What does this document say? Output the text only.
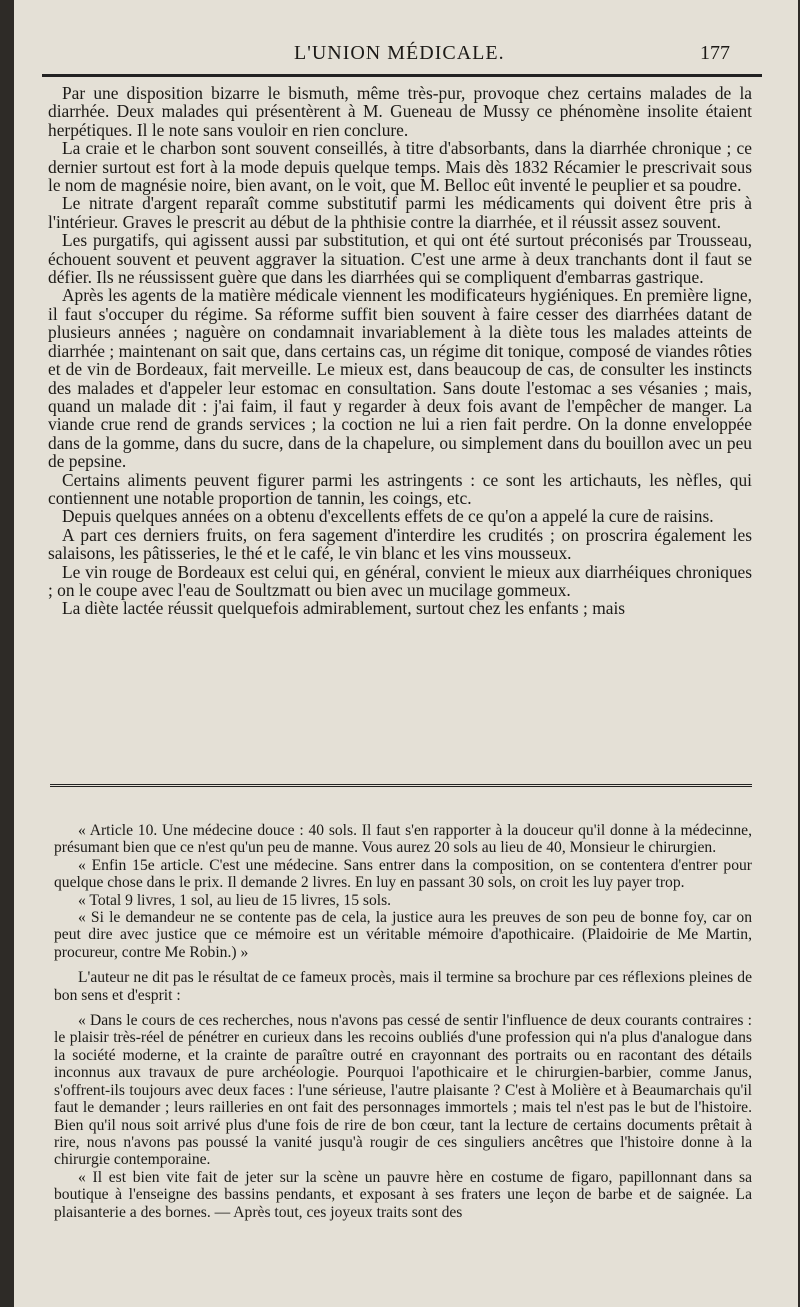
L'UNION MÉDICALE.	177

Par une disposition bizarre le bismuth, même très-pur, provoque chez certains malades de la diarrhée. Deux malades qui présentèrent à M. Gueneau de Mussy ce phénomène insolite étaient herpétiques. Il le note sans vouloir en rien conclure.

La craie et le charbon sont souvent conseillés, à titre d'absorbants, dans la diarrhée chronique ; ce dernier surtout est fort à la mode depuis quelque temps. Mais dès 1832 Récamier le prescrivait sous le nom de magnésie noire, bien avant, on le voit, que M. Belloc eût inventé le peuplier et sa poudre.

Le nitrate d'argent reparaît comme substitutif parmi les médicaments qui doivent être pris à l'intérieur. Graves le prescrit au début de la phthisie contre la diarrhée, et il réussit assez souvent.

Les purgatifs, qui agissent aussi par substitution, et qui ont été surtout préconisés par Trousseau, échouent souvent et peuvent aggraver la situation. C'est une arme à deux tranchants dont il faut se défier. Ils ne réussissent guère que dans les diarrhées qui se compliquent d'embarras gastrique.

Après les agents de la matière médicale viennent les modificateurs hygiéniques. En première ligne, il faut s'occuper du régime. Sa réforme suffit bien souvent à faire cesser des diarrhées datant de plusieurs années ; naguère on condamnait invariablement à la diète tous les malades atteints de diarrhée ; maintenant on sait que, dans certains cas, un régime dit tonique, composé de viandes rôties et de vin de Bordeaux, fait merveille. Le mieux est, dans beaucoup de cas, de consulter les instincts des malades et d'appeler leur estomac en consultation. Sans doute l'estomac a ses vésanies ; mais, quand un malade dit : j'ai faim, il faut y regarder à deux fois avant de l'empêcher de manger. La viande crue rend de grands services ; la coction ne lui a rien fait perdre. On la donne enveloppée dans de la gomme, dans du sucre, dans de la chapelure, ou simplement dans du bouillon avec un peu de pepsine.

Certains aliments peuvent figurer parmi les astringents : ce sont les artichauts, les nèfles, qui contiennent une notable proportion de tannin, les coings, etc.

Depuis quelques années on a obtenu d'excellents effets de ce qu'on a appelé la cure de raisins.

A part ces derniers fruits, on fera sagement d'interdire les crudités ; on proscrira également les salaisons, les pâtisseries, le thé et le café, le vin blanc et les vins mousseux.

Le vin rouge de Bordeaux est celui qui, en général, convient le mieux aux diarrhéiques chroniques ; on le coupe avec l'eau de Soultzmatt ou bien avec un mucilage gommeux.

La diète lactée réussit quelquefois admirablement, surtout chez les enfants ; mais

« Article 10. Une médecine douce : 40 sols. Il faut s'en rapporter à la douceur qu'il donne à la médecinne, présumant bien que ce n'est qu'un peu de manne. Vous aurez 20 sols au lieu de 40, Monsieur le chirurgien.

« Enfin 15e article. C'est une médecine. Sans entrer dans la composition, on se contentera d'entrer pour quelque chose dans le prix. Il demande 2 livres. En luy en passant 30 sols, on croit les luy payer trop.

« Total 9 livres, 1 sol, au lieu de 15 livres, 15 sols.

« Si le demandeur ne se contente pas de cela, la justice aura les preuves de son peu de bonne foy, car on peut dire avec justice que ce mémoire est un véritable mémoire d'apothicaire. (Plaidoirie de Me Martin, procureur, contre Me Robin.) »

L'auteur ne dit pas le résultat de ce fameux procès, mais il termine sa brochure par ces réflexions pleines de bon sens et d'esprit :

« Dans le cours de ces recherches, nous n'avons pas cessé de sentir l'influence de deux courants contraires : le plaisir très-réel de pénétrer en curieux dans les recoins oubliés d'une profession qui n'a plus d'analogue dans la société moderne, et la crainte de paraître outré en crayonnant des portraits ou en racontant des détails inconnus aux travaux de pure archéologie. Pourquoi l'apothicaire et le chirurgien-barbier, comme Janus, s'offrent-ils toujours avec deux faces : l'une sérieuse, l'autre plaisante ? C'est à Molière et à Beaumarchais qu'il faut le demander ; leurs railleries en ont fait des personnages immortels ; mais tel n'est pas le but de l'histoire. Bien qu'il nous soit arrivé plus d'une fois de rire de bon cœur, tant la lecture de certains documents prêtait à rire, nous n'avons pas poussé la vanité jusqu'à rougir de ces singuliers ancêtres que l'histoire donne à la chirurgie contemporaine.

« Il est bien vite fait de jeter sur la scène un pauvre hère en costume de figaro, papillonnant dans sa boutique à l'enseigne des bassins pendants, et exposant à ses fraters une leçon de barbe et de saignée. La plaisanterie a des bornes. — Après tout, ces joyeux traits sont des
